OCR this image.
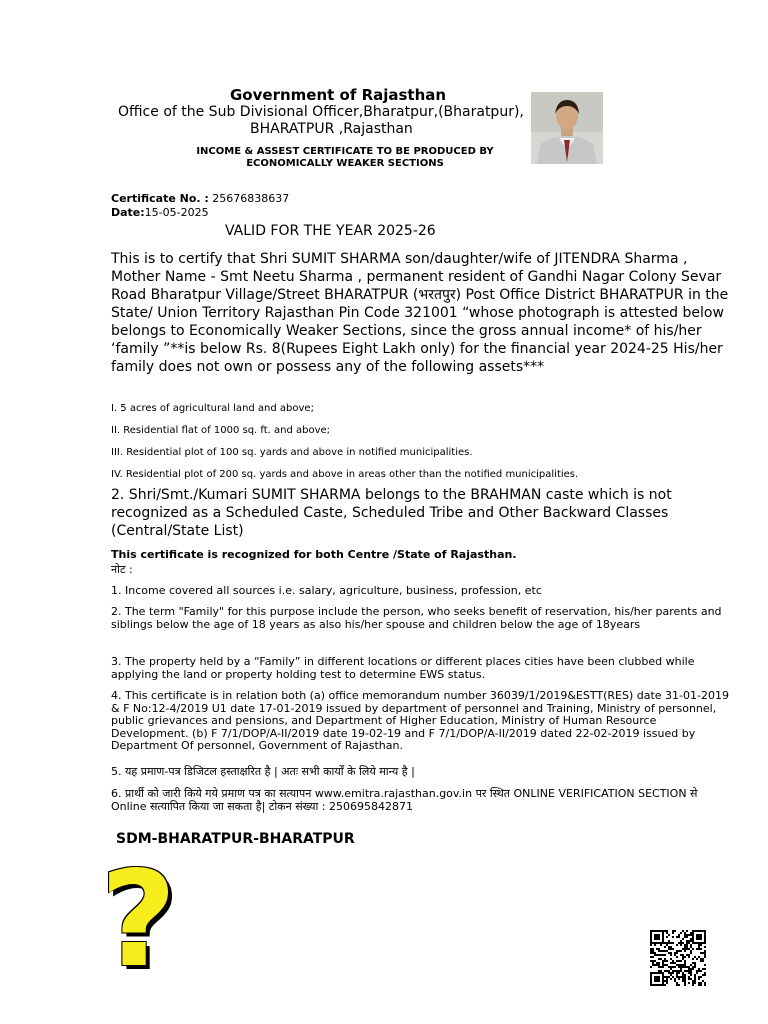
Government of Rajasthan
Office of the Sub Divisional Officer,Bharatpur,(Bharatpur),
BHARATPUR ,Rajasthan
INCOME & ASSEST CERTIFICATE TO BE PRODUCED BY
ECONOMICALLY WEAKER SECTIONS
Certificate No. : 25676838637
Date:15-05-2025
VALID FOR THE YEAR 2025-26
This is to certify that Shri SUMIT SHARMA son/daughter/wife of JITENDRA Sharma , Mother Name - Smt Neetu Sharma , permanent resident of Gandhi Nagar Colony Sevar Road Bharatpur Village/Street BHARATPUR (भरतपुर) Post Office District BHARATPUR in the State/ Union Territory Rajasthan Pin Code 321001 “whose photograph is attested below belongs to Economically Weaker Sections, since the gross annual income* of his/her ‘family ”**is below Rs. 8(Rupees Eight Lakh only) for the financial year 2024-25 His/her family does not own or possess any of the following assets***
I. 5 acres of agricultural land and above;
II. Residential flat of 1000 sq. ft. and above;
III. Residential plot of 100 sq. yards and above in notified municipalities.
IV. Residential plot of 200 sq. yards and above in areas other than the notified municipalities.
2. Shri/Smt./Kumari SUMIT SHARMA belongs to the BRAHMAN caste which is not recognized as a Scheduled Caste, Scheduled Tribe and Other Backward Classes (Central/State List)
This certificate is recognized for both Centre /State of Rajasthan.
नोट :
1. Income covered all sources i.e. salary, agriculture, business, profession, etc
2. The term "Family" for this purpose include the person, who seeks benefit of reservation, his/her parents and siblings below the age of 18 years as also his/her spouse and children below the age of 18years
3. The property held by a “Family” in different locations or different places cities have been clubbed while applying the land or property holding test to determine EWS status.
4. This certificate is in relation both (a) office memorandum number 36039/1/2019&ESTT(RES) date 31-01-2019 & F No:12-4/2019 U1 date 17-01-2019 issued by department of personnel and Training, Ministry of personnel, public grievances and pensions, and Department of Higher Education, Ministry of Human Resource Development. (b) F 7/1/DOP/A-II/2019 date 19-02-19 and F 7/1/DOP/A-II/2019 dated 22-02-2019 issued by Department Of personnel, Government of Rajasthan.
5. यह प्रमाण-पत्र डिजिटल हस्ताक्षरित है | अतः सभी कार्यों के लिये मान्य है |
6. प्रार्थी को जारी किये गये प्रमाण पत्र का सत्यापन www.emitra.rajasthan.gov.in पर स्थित ONLINE VERIFICATION SECTION से Online सत्यापित किया जा सकता है| टोकन संख्या : 250695842871
SDM-BHARATPUR-BHARATPUR
?
